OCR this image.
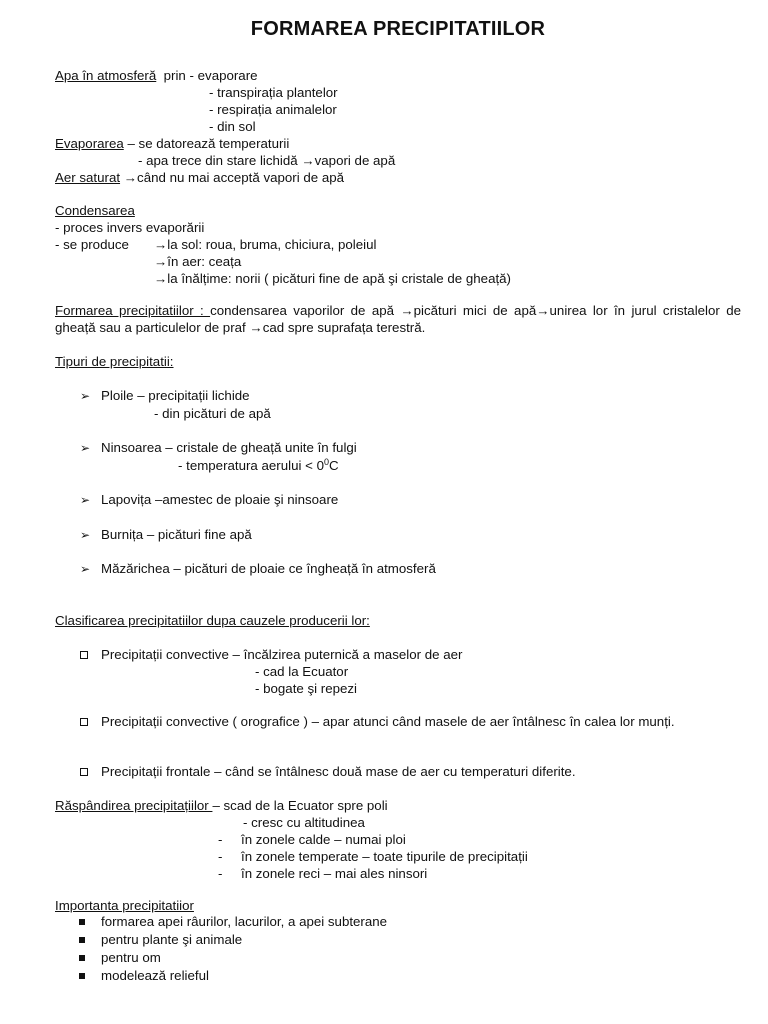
FORMAREA PRECIPITATIILOR
Apa în atmosferă prin - evaporare
- transpirația plantelor
- respirația animalelor
- din sol
Evaporarea – se datorează temperaturii
- apa trece din stare lichidă →vapori de apă
Aer saturat →când nu mai acceptă vapori de apă
Condensarea
- proces invers evaporării
- se produce →la sol: roua, bruma, chiciura, poleiul
→în aer: ceața
→la înălțime: norii ( picături fine de apă şi cristale de gheață)
Formarea precipitatiilor : condensarea vaporilor de apă →picături mici de apă→unirea lor în jurul cristalelor de gheață sau a particulelor de praf →cad spre suprafața terestră.
Tipuri de precipitatii:
➢ Ploile – precipitații lichide
- din picături de apă
➢ Ninsoarea – cristale de gheață unite în fulgi
- temperatura aerului < $0^0C$
➢ Lapovița –amestec de ploaie şi ninsoare
➢ Burnița – picături fine apă
➢ Măzărichea – picături de ploaie ce îngheață în atmosferă
Clasificarea precipitatiilor dupa cauzele producerii lor:
Precipitații convective – încălzirea puternică a maselor de aer
- cad la Ecuator
- bogate şi repezi
Precipitații convective ( orografice ) – apar atunci când masele de aer întâlnesc în calea lor munți.
Precipitații frontale – când se întâlnesc două mase de aer cu temperaturi diferite.
Răspândirea precipitațiilor – scad de la Ecuator spre poli
- cresc cu altitudinea
- în zonele calde – numai ploi
- în zonele temperate – toate tipurile de precipitații
- în zonele reci – mai ales ninsori
Importanta precipitatiior
formarea apei râurilor, lacurilor, a apei subterane
pentru plante şi animale
pentru om
modelează relieful
